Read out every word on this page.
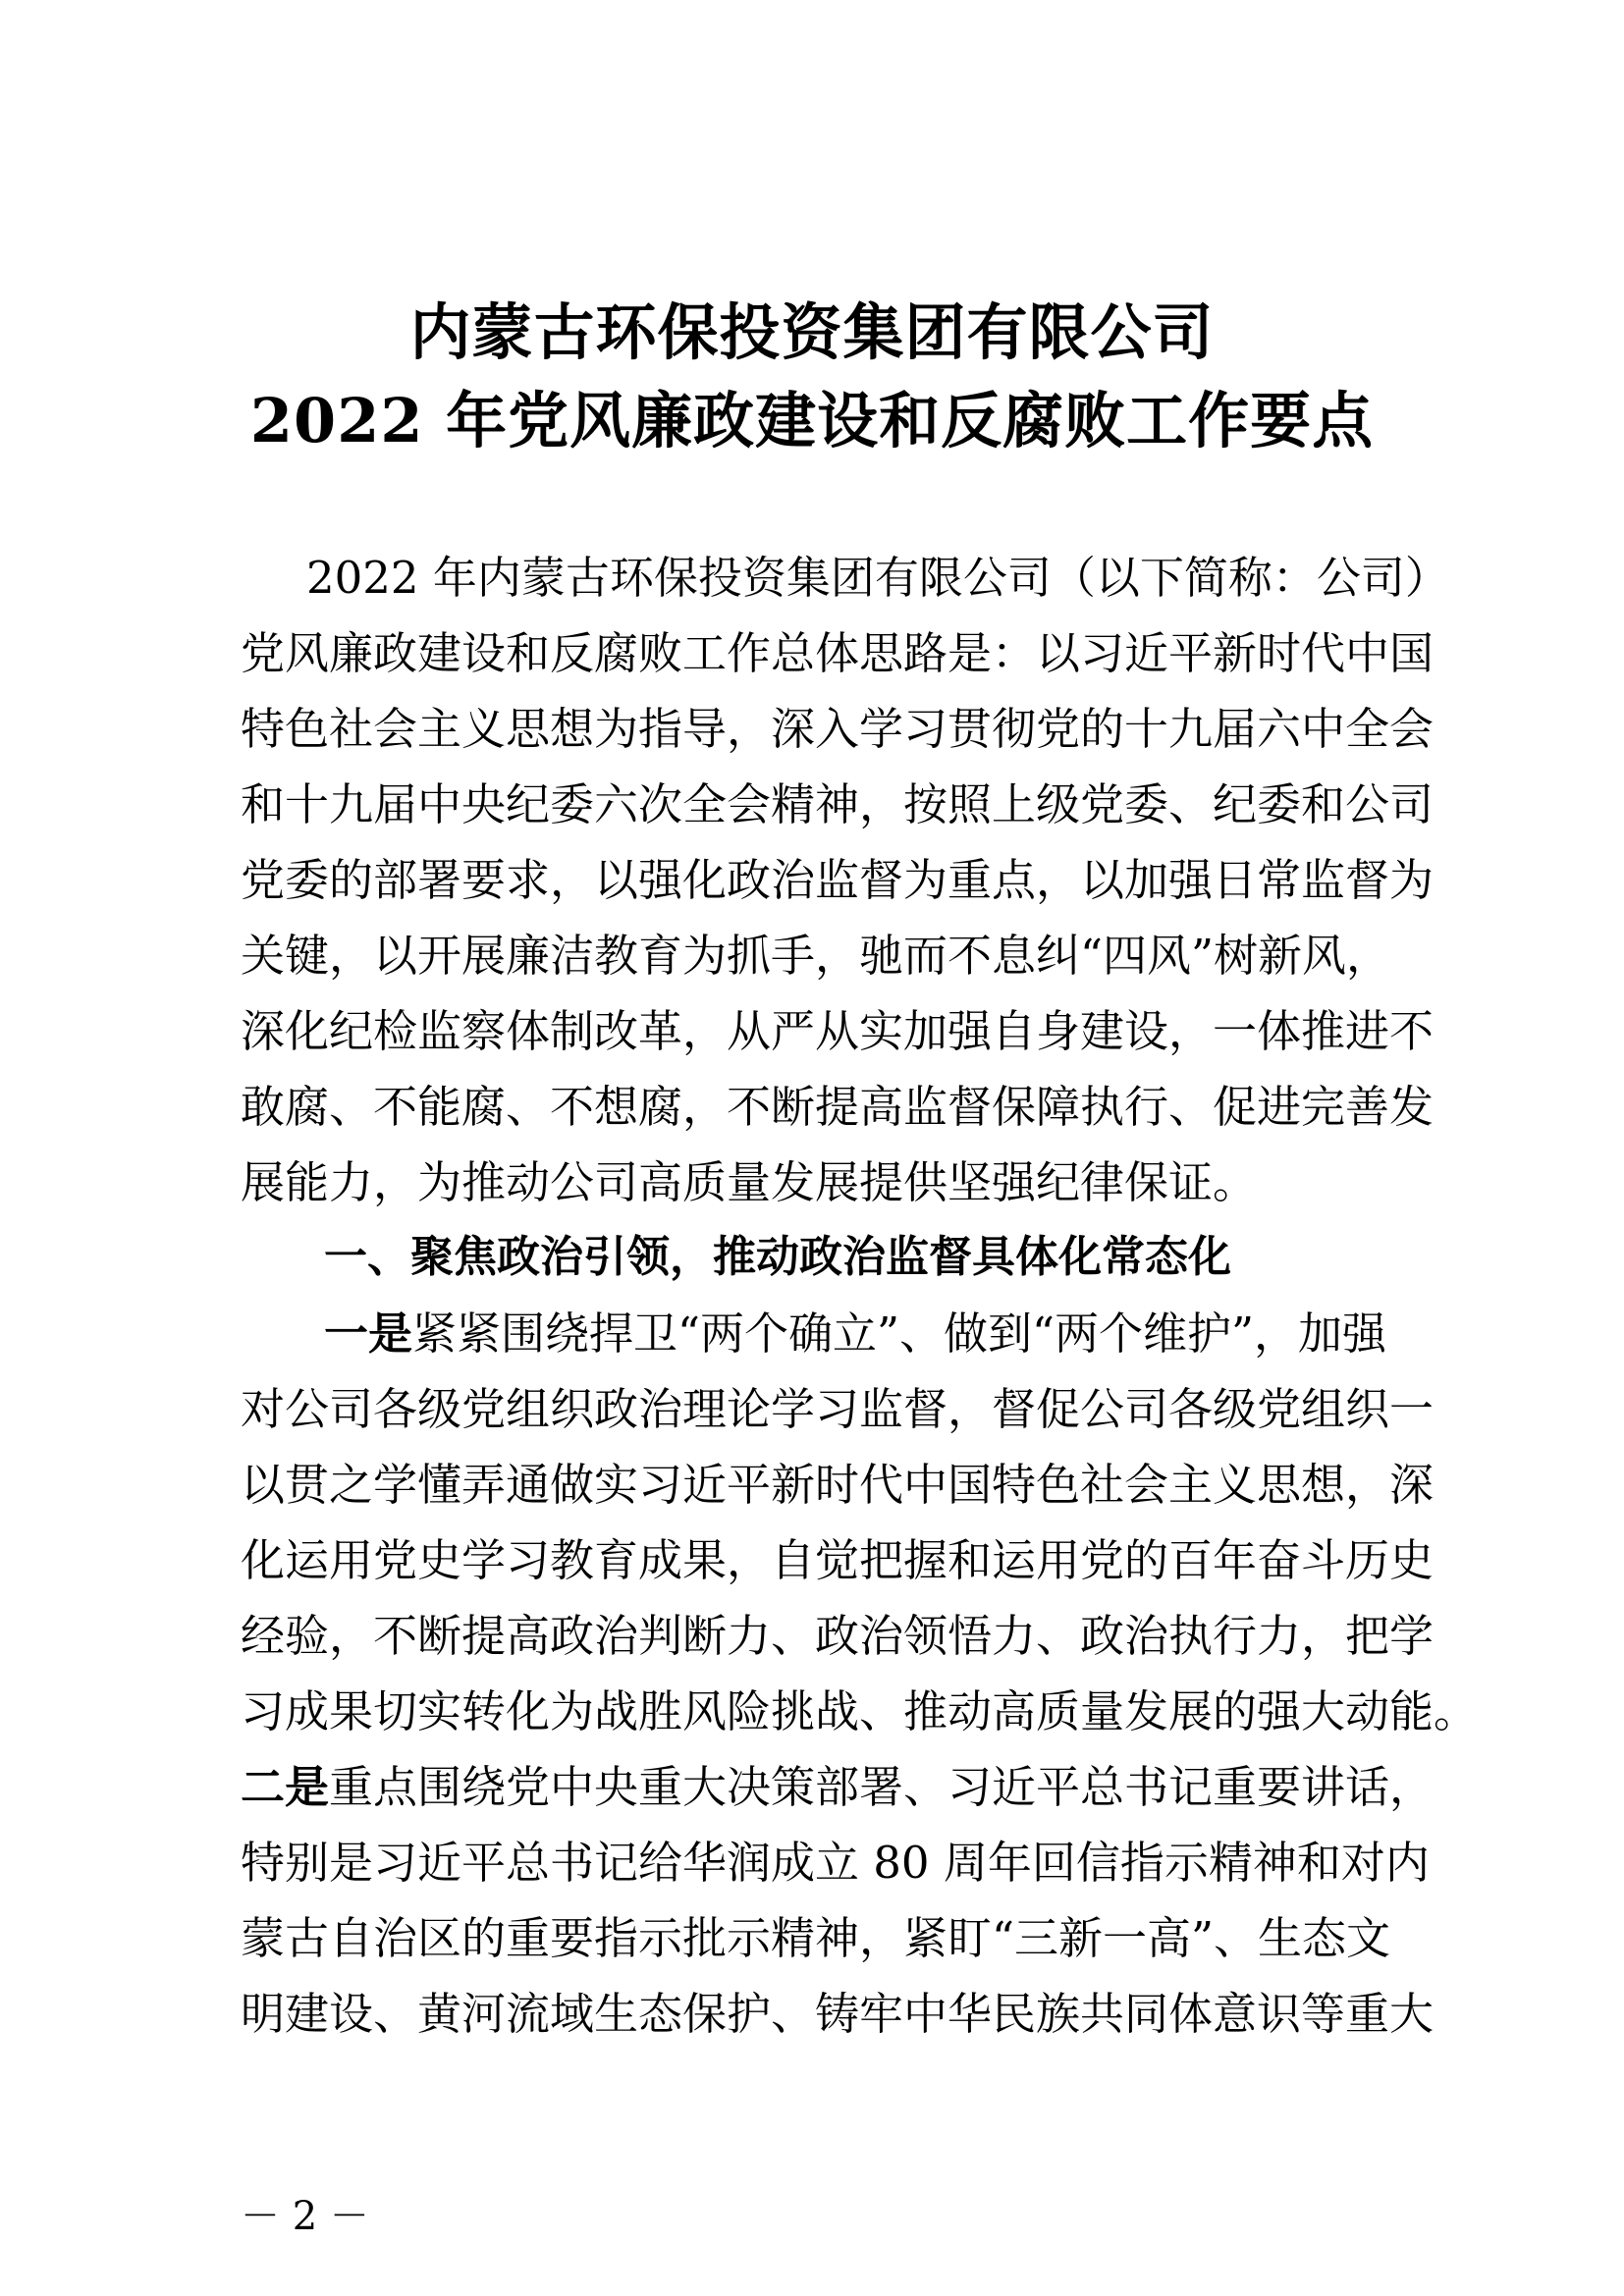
内蒙古环保投资集团有限公司
2022 年党风廉政建设和反腐败工作要点
2022 年内蒙古环保投资集团有限公司（以下简称：公司）
党风廉政建设和反腐败工作总体思路是：以习近平新时代中国
特色社会主义思想为指导，深入学习贯彻党的十九届六中全会
和十九届中央纪委六次全会精神，按照上级党委、纪委和公司
党委的部署要求，以强化政治监督为重点，以加强日常监督为
关键，以开展廉洁教育为抓手，驰而不息纠“四风”树新风，
深化纪检监察体制改革，从严从实加强自身建设，一体推进不
敢腐、不能腐、不想腐，不断提高监督保障执行、促进完善发
展能力，为推动公司高质量发展提供坚强纪律保证。
一、聚焦政治引领，推动政治监督具体化常态化
一是紧紧围绕捍卫“两个确立”、做到“两个维护”，加强
对公司各级党组织政治理论学习监督，督促公司各级党组织一
以贯之学懂弄通做实习近平新时代中国特色社会主义思想，深
化运用党史学习教育成果，自觉把握和运用党的百年奋斗历史
经验，不断提高政治判断力、政治领悟力、政治执行力，把学
习成果切实转化为战胜风险挑战、推动高质量发展的强大动能。
二是重点围绕党中央重大决策部署、习近平总书记重要讲话，
特别是习近平总书记给华润成立 80 周年回信指示精神和对内
蒙古自治区的重要指示批示精神，紧盯“三新一高”、生态文
明建设、黄河流域生态保护、铸牢中华民族共同体意识等重大
－ 2 －
